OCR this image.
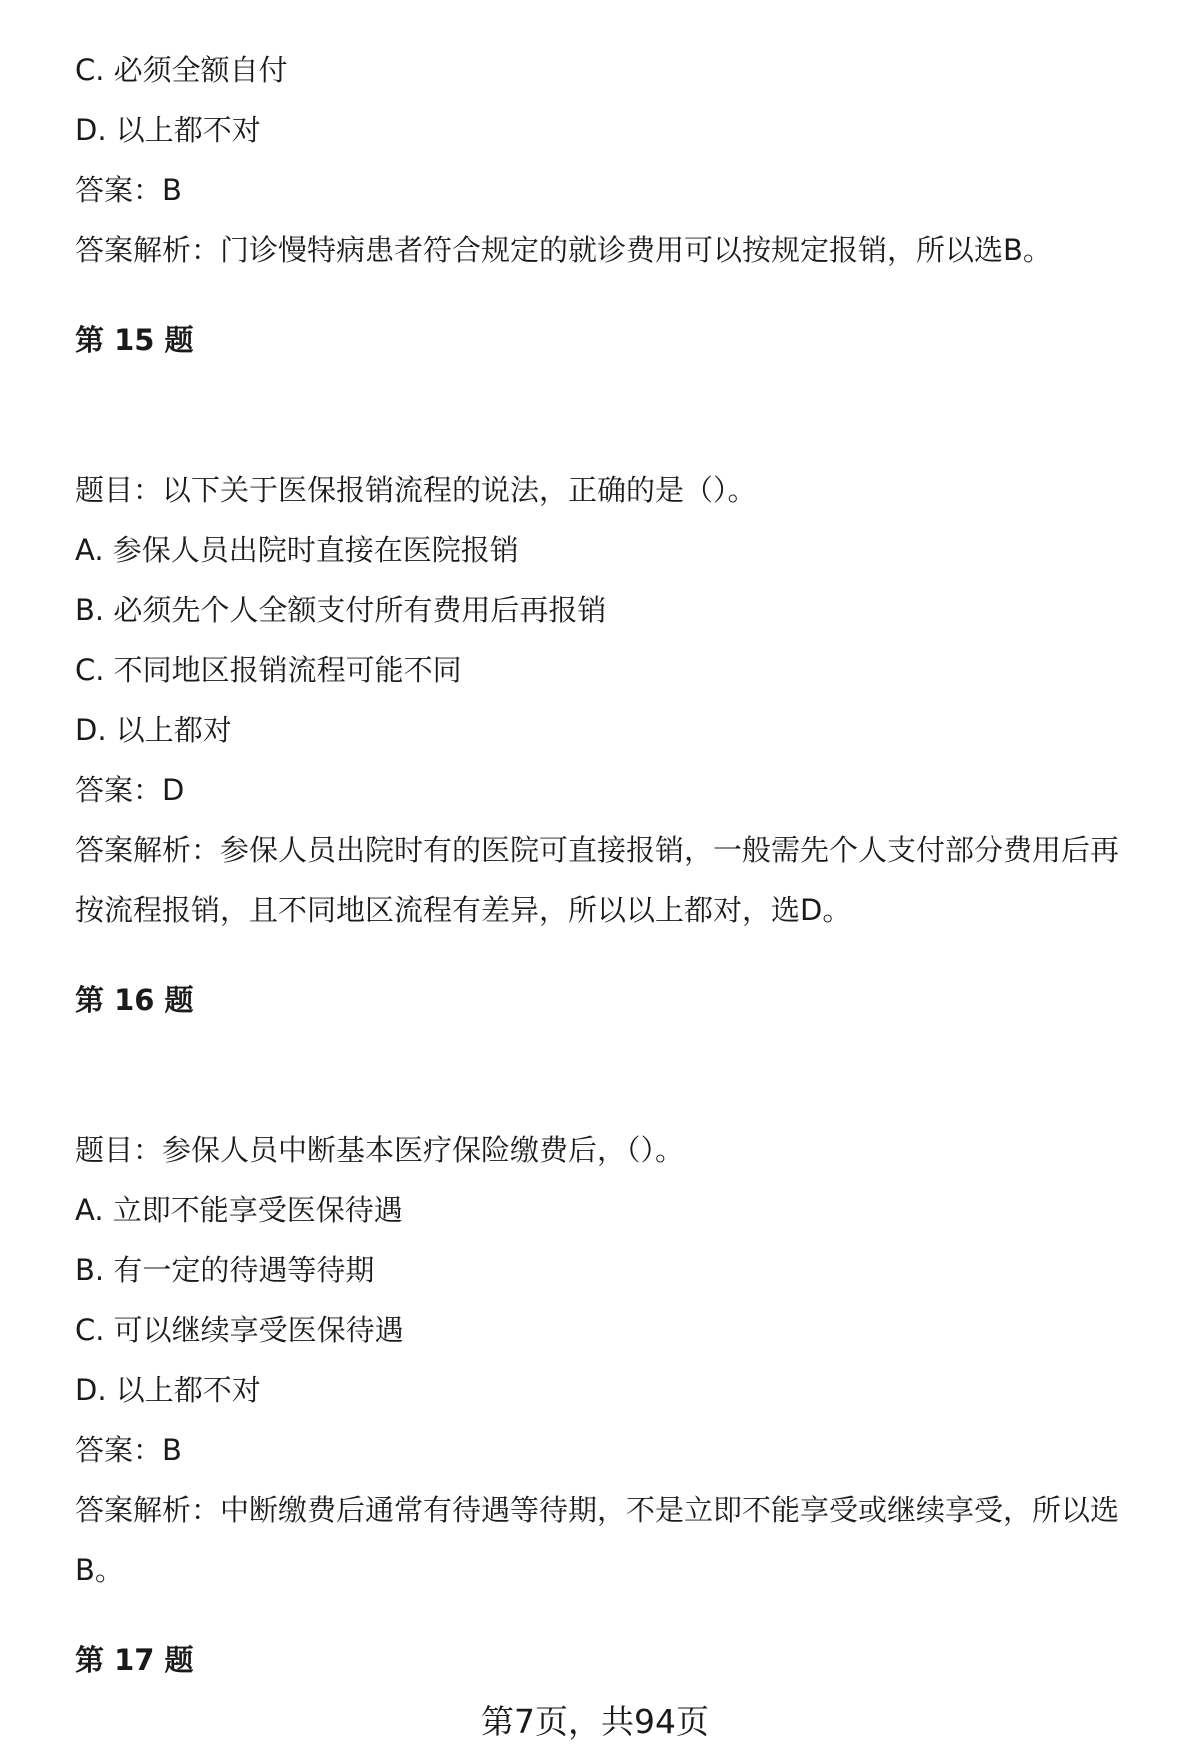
C. 必须全额自付
D. 以上都不对
答案：B
答案解析：门诊慢特病患者符合规定的就诊费用可以按规定报销，所以选B。
第 15 题
题目：以下关于医保报销流程的说法，正确的是（）。
A. 参保人员出院时直接在医院报销
B. 必须先个人全额支付所有费用后再报销
C. 不同地区报销流程可能不同
D. 以上都对
答案：D
答案解析：参保人员出院时有的医院可直接报销，一般需先个人支付部分费用后再
按流程报销，且不同地区流程有差异，所以以上都对，选D。
第 16 题
题目：参保人员中断基本医疗保险缴费后，（）。
A. 立即不能享受医保待遇
B. 有一定的待遇等待期
C. 可以继续享受医保待遇
D. 以上都不对
答案：B
答案解析：中断缴费后通常有待遇等待期，不是立即不能享受或继续享受，所以选
B。
第 17 题
第7页，共94页
